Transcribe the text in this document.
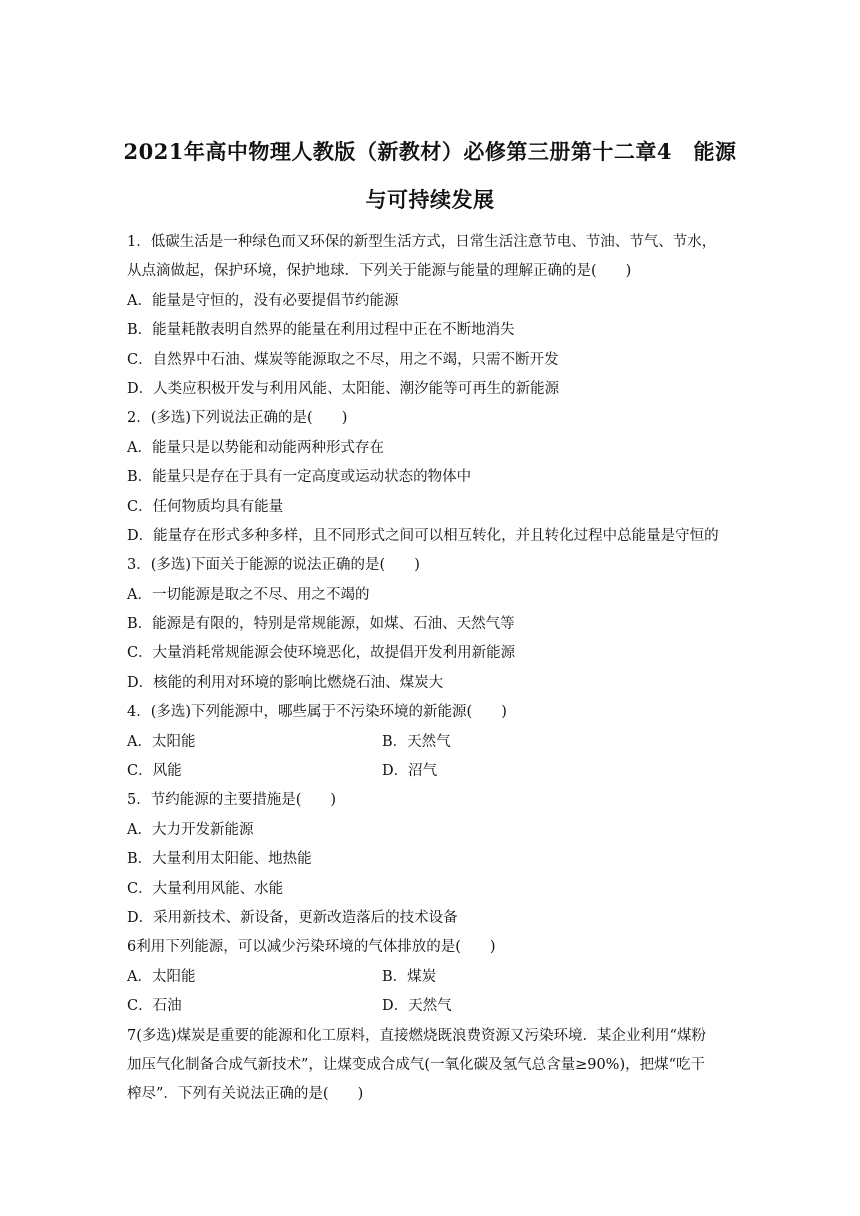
2021年高中物理人教版（新教材）必修第三册第十二章4　能源
与可持续发展
1．低碳生活是一种绿色而又环保的新型生活方式，日常生活注意节电、节油、节气、节水，
从点滴做起，保护环境，保护地球．下列关于能源与能量的理解正确的是(　　)
A．能量是守恒的，没有必要提倡节约能源
B．能量耗散表明自然界的能量在利用过程中正在不断地消失
C．自然界中石油、煤炭等能源取之不尽，用之不竭，只需不断开发
D．人类应积极开发与利用风能、太阳能、潮汐能等可再生的新能源
2．(多选)下列说法正确的是(　　)
A．能量只是以势能和动能两种形式存在
B．能量只是存在于具有一定高度或运动状态的物体中
C．任何物质均具有能量
D．能量存在形式多种多样，且不同形式之间可以相互转化，并且转化过程中总能量是守恒的
3．(多选)下面关于能源的说法正确的是(　　)
A．一切能源是取之不尽、用之不竭的
B．能源是有限的，特别是常规能源，如煤、石油、天然气等
C．大量消耗常规能源会使环境恶化，故提倡开发利用新能源
D．核能的利用对环境的影响比燃烧石油、煤炭大
4．(多选)下列能源中，哪些属于不污染环境的新能源(　　)
A．太阳能	B．天然气
C．风能	D．沼气
5．节约能源的主要措施是(　　)
A．大力开发新能源
B．大量利用太阳能、地热能
C．大量利用风能、水能
D．采用新技术、新设备，更新改造落后的技术设备
6利用下列能源，可以减少污染环境的气体排放的是(　　)
A．太阳能	B．煤炭
C．石油	D．天然气
7(多选)煤炭是重要的能源和化工原料，直接燃烧既浪费资源又污染环境．某企业利用“煤粉
加压气化制备合成气新技术”，让煤变成合成气(一氧化碳及氢气总含量≥90%)，把煤“吃干
榨尽”．下列有关说法正确的是(　　)
